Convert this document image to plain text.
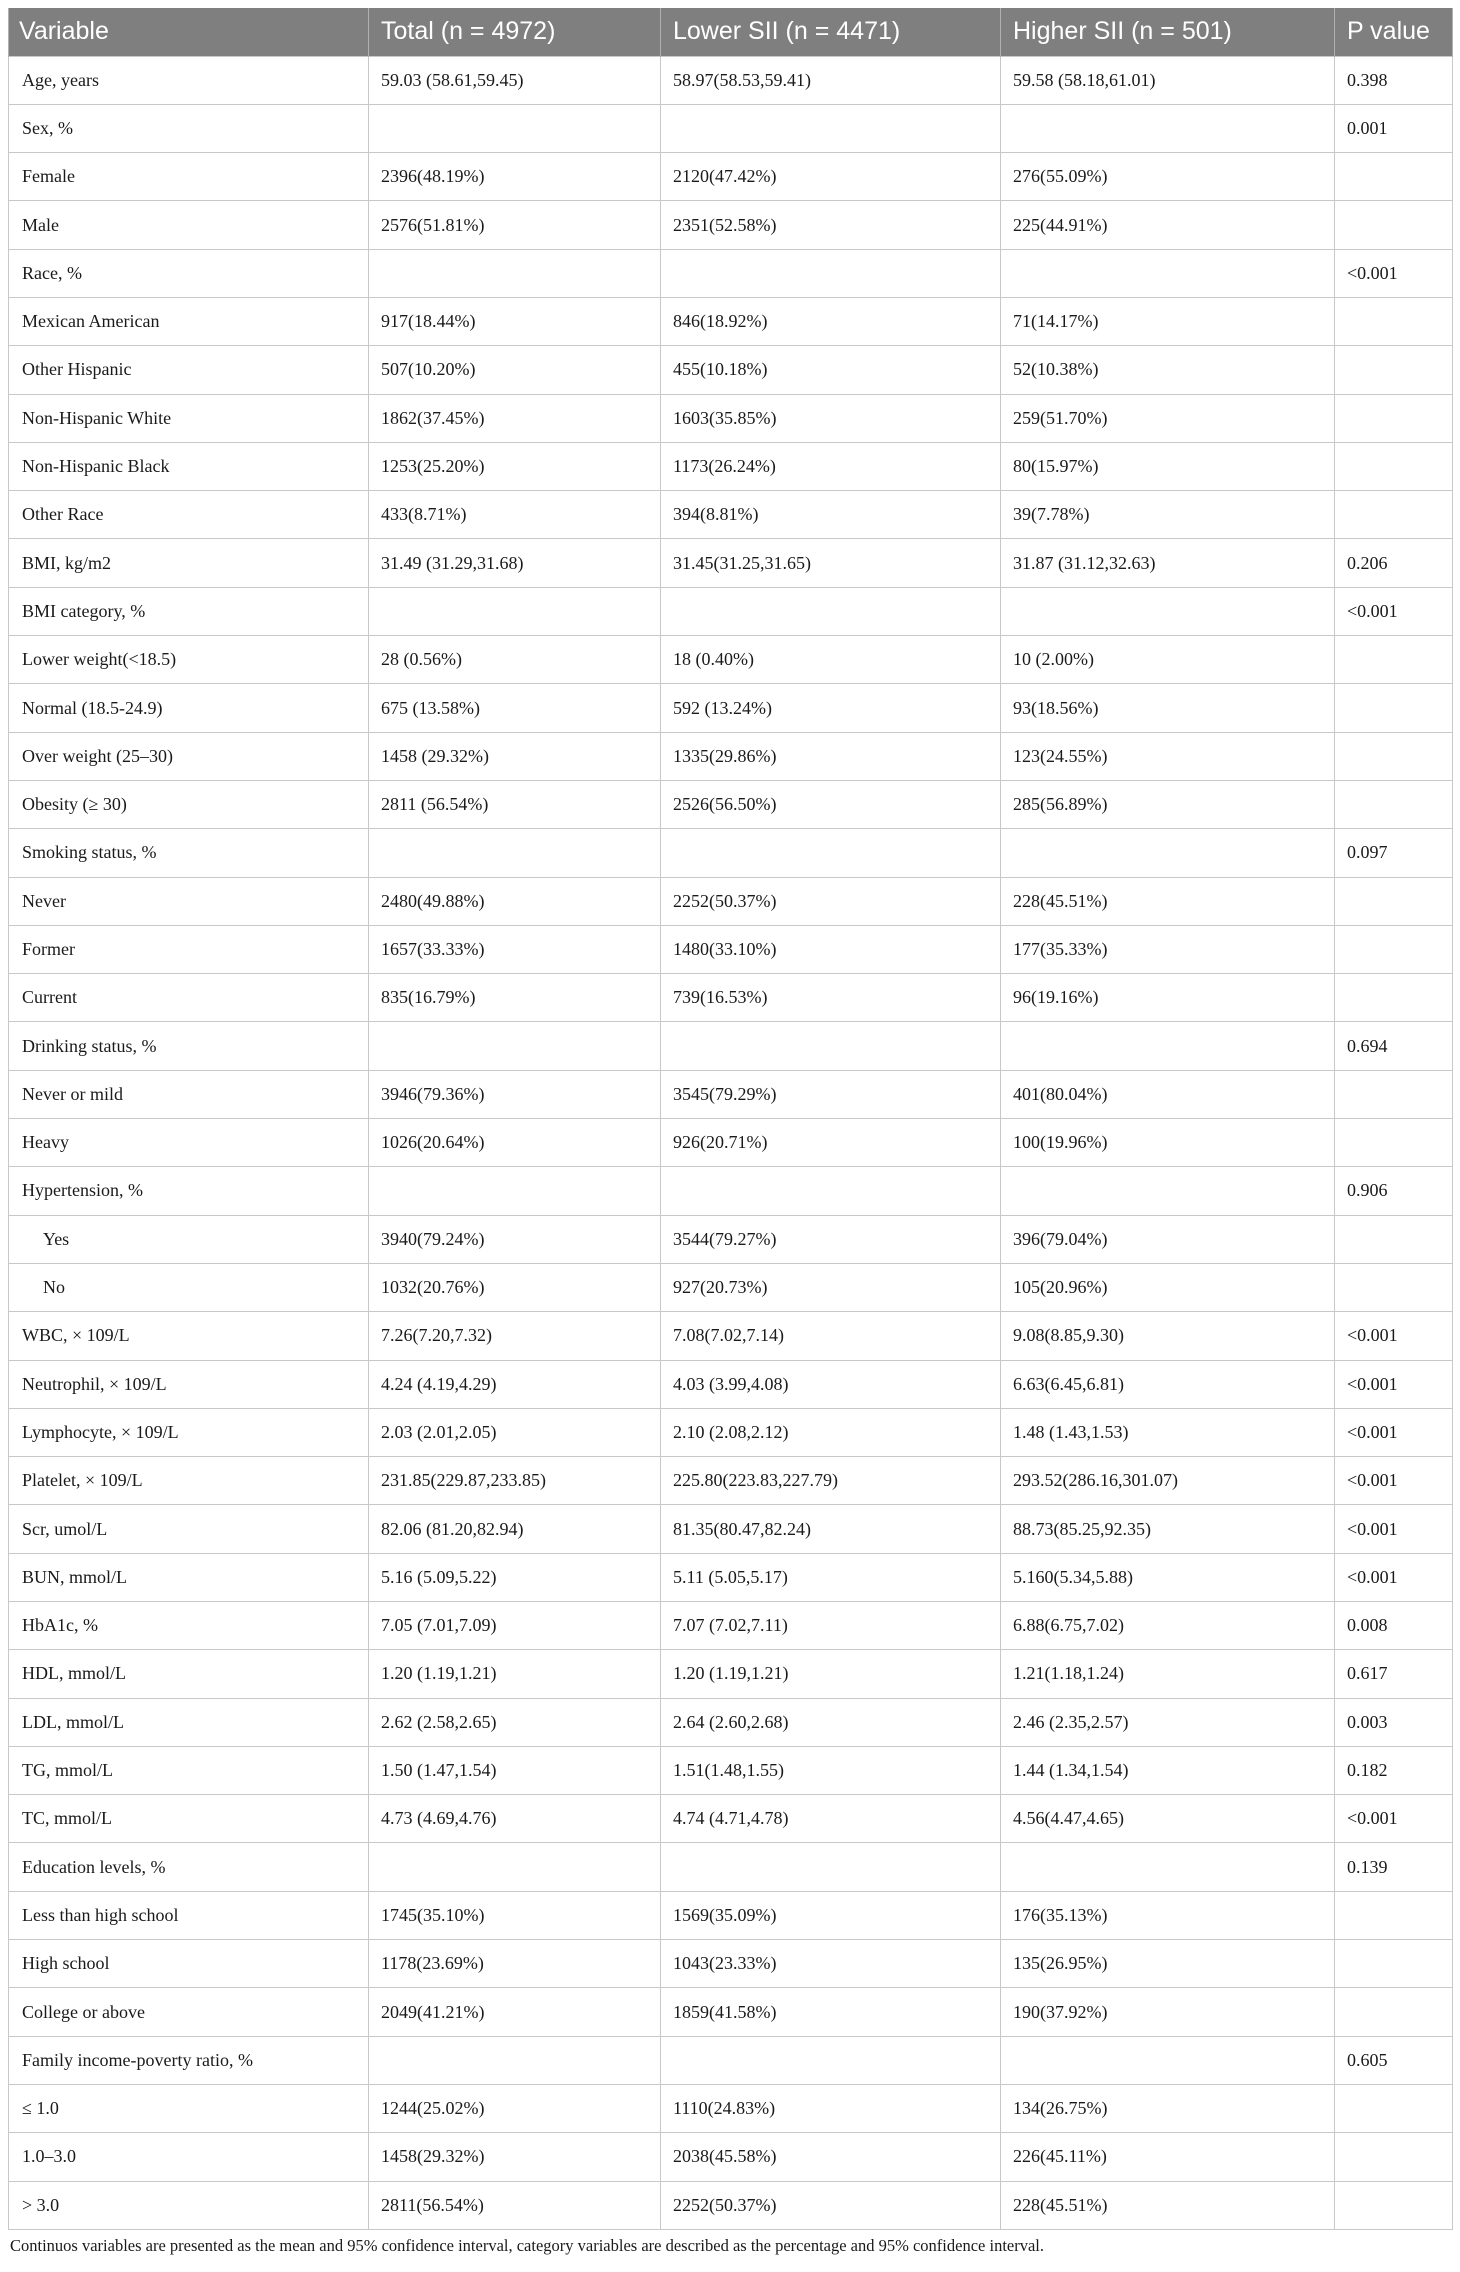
Variable	Total (n = 4972)	Lower SII (n = 4471)	Higher SII (n = 501)	P value
Age, years	59.03 (58.61,59.45)	58.97(58.53,59.41)	59.58 (58.18,61.01)	0.398
Sex, %				0.001
Female	2396(48.19%)	2120(47.42%)	276(55.09%)	
Male	2576(51.81%)	2351(52.58%)	225(44.91%)	
Race, %				<0.001
Mexican American	917(18.44%)	846(18.92%)	71(14.17%)	
Other Hispanic	507(10.20%)	455(10.18%)	52(10.38%)	
Non-Hispanic White	1862(37.45%)	1603(35.85%)	259(51.70%)	
Non-Hispanic Black	1253(25.20%)	1173(26.24%)	80(15.97%)	
Other Race	433(8.71%)	394(8.81%)	39(7.78%)	
BMI, kg/m2	31.49 (31.29,31.68)	31.45(31.25,31.65)	31.87 (31.12,32.63)	0.206
BMI category, %				<0.001
Lower weight(<18.5)	28 (0.56%)	18 (0.40%)	10 (2.00%)	
Normal (18.5-24.9)	675 (13.58%)	592 (13.24%)	93(18.56%)	
Over weight (25–30)	1458 (29.32%)	1335(29.86%)	123(24.55%)	
Obesity (≥ 30)	2811 (56.54%)	2526(56.50%)	285(56.89%)	
Smoking status, %				0.097
Never	2480(49.88%)	2252(50.37%)	228(45.51%)	
Former	1657(33.33%)	1480(33.10%)	177(35.33%)	
Current	835(16.79%)	739(16.53%)	96(19.16%)	
Drinking status, %				0.694
Never or mild	3946(79.36%)	3545(79.29%)	401(80.04%)	
Heavy	1026(20.64%)	926(20.71%)	100(19.96%)	
Hypertension, %				0.906
Yes	3940(79.24%)	3544(79.27%)	396(79.04%)	
No	1032(20.76%)	927(20.73%)	105(20.96%)	
WBC, × 109/L	7.26(7.20,7.32)	7.08(7.02,7.14)	9.08(8.85,9.30)	<0.001
Neutrophil, × 109/L	4.24 (4.19,4.29)	4.03 (3.99,4.08)	6.63(6.45,6.81)	<0.001
Lymphocyte, × 109/L	2.03 (2.01,2.05)	2.10 (2.08,2.12)	1.48 (1.43,1.53)	<0.001
Platelet, × 109/L	231.85(229.87,233.85)	225.80(223.83,227.79)	293.52(286.16,301.07)	<0.001
Scr, umol/L	82.06 (81.20,82.94)	81.35(80.47,82.24)	88.73(85.25,92.35)	<0.001
BUN, mmol/L	5.16 (5.09,5.22)	5.11 (5.05,5.17)	5.160(5.34,5.88)	<0.001
HbA1c, %	7.05 (7.01,7.09)	7.07 (7.02,7.11)	6.88(6.75,7.02)	0.008
HDL, mmol/L	1.20 (1.19,1.21)	1.20 (1.19,1.21)	1.21(1.18,1.24)	0.617
LDL, mmol/L	2.62 (2.58,2.65)	2.64 (2.60,2.68)	2.46 (2.35,2.57)	0.003
TG, mmol/L	1.50 (1.47,1.54)	1.51(1.48,1.55)	1.44 (1.34,1.54)	0.182
TC, mmol/L	4.73 (4.69,4.76)	4.74 (4.71,4.78)	4.56(4.47,4.65)	<0.001
Education levels, %				0.139
Less than high school	1745(35.10%)	1569(35.09%)	176(35.13%)	
High school	1178(23.69%)	1043(23.33%)	135(26.95%)	
College or above	2049(41.21%)	1859(41.58%)	190(37.92%)	
Family income-poverty ratio, %				0.605
≤ 1.0	1244(25.02%)	1110(24.83%)	134(26.75%)	
1.0–3.0	1458(29.32%)	2038(45.58%)	226(45.11%)	
> 3.0	2811(56.54%)	2252(50.37%)	228(45.51%)	
Continuos variables are presented as the mean and 95% confidence interval, category variables are described as the percentage and 95% confidence interval.
